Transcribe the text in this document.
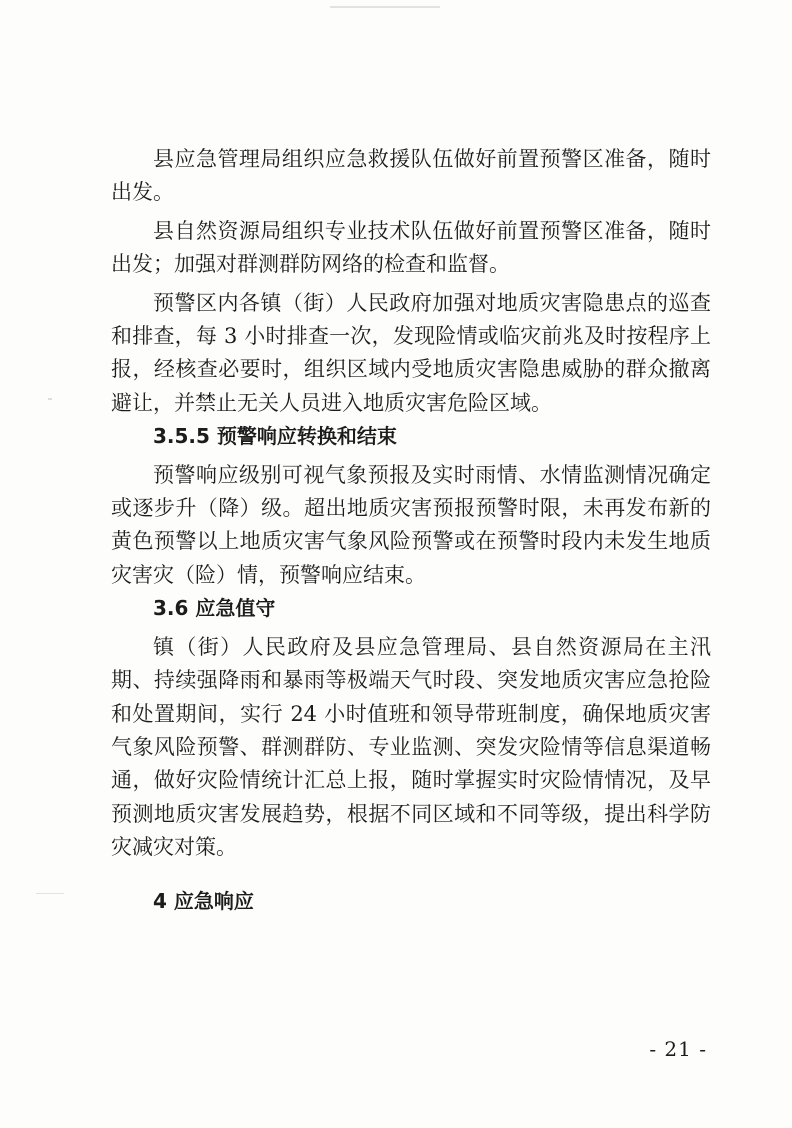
县应急管理局组织应急救援队伍做好前置预警区准备，随时出发。

县自然资源局组织专业技术队伍做好前置预警区准备，随时出发；加强对群测群防网络的检查和监督。

预警区内各镇（街）人民政府加强对地质灾害隐患点的巡查和排查，每 3 小时排查一次，发现险情或临灾前兆及时按程序上报，经核查必要时，组织区域内受地质灾害隐患威胁的群众撤离避让，并禁止无关人员进入地质灾害危险区域。

3.5.5 预警响应转换和结束

预警响应级别可视气象预报及实时雨情、水情监测情况确定或逐步升（降）级。超出地质灾害预报预警时限，未再发布新的黄色预警以上地质灾害气象风险预警或在预警时段内未发生地质灾害灾（险）情，预警响应结束。

3.6 应急值守

镇（街）人民政府及县应急管理局、县自然资源局在主汛期、持续强降雨和暴雨等极端天气时段、突发地质灾害应急抢险和处置期间，实行 24 小时值班和领导带班制度，确保地质灾害气象风险预警、群测群防、专业监测、突发灾险情等信息渠道畅通，做好灾险情统计汇总上报，随时掌握实时灾险情情况，及早预测地质灾害发展趋势，根据不同区域和不同等级，提出科学防灾减灾对策。

4 应急响应
- 21 -
